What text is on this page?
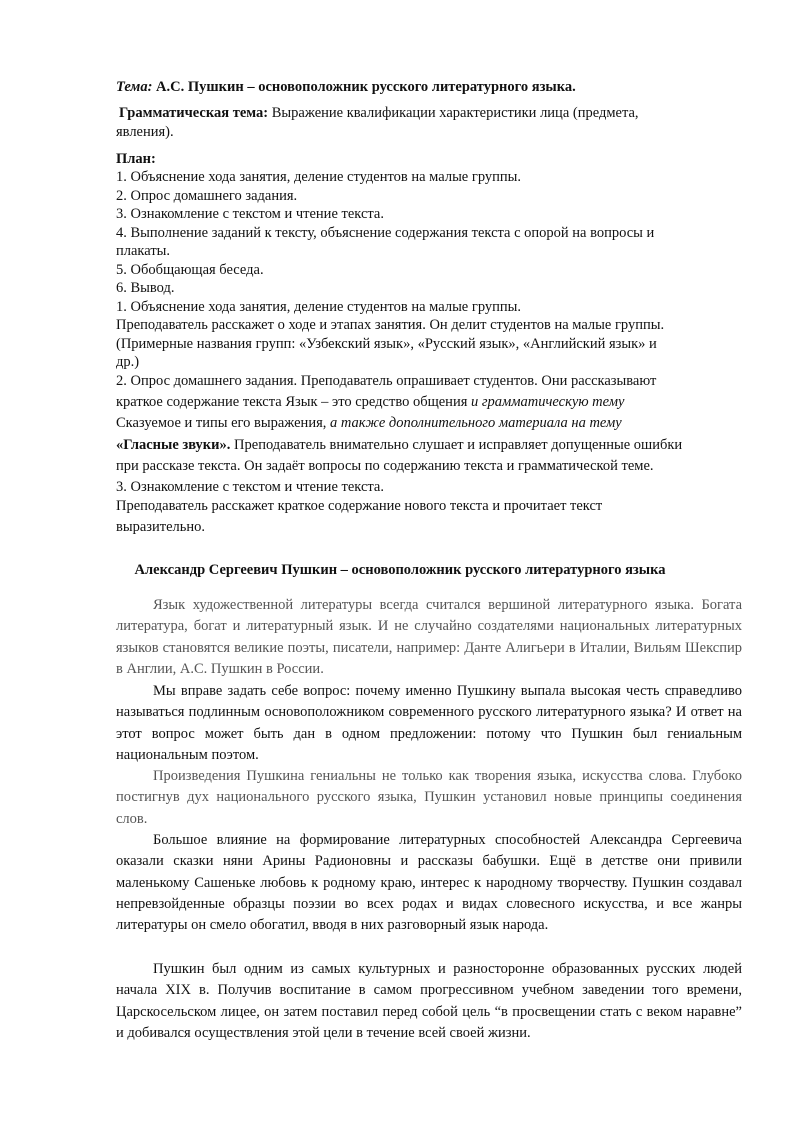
Тема: А.С. Пушкин – основоположник русского литературного языка.
Грамматическая тема: Выражение квалификации характеристики лица (предмета,
явления).
План:
1. Объяснение хода занятия, деление студентов на малые группы.
2. Опрос домашнего задания.
3. Ознакомление с текстом и чтение текста.
4. Выполнение заданий к тексту, объяснение содержания текста с опорой на вопросы и
плакаты.
5. Обобщающая беседа.
6. Вывод.
1. Объяснение хода занятия, деление студентов на малые группы.
Преподаватель расскажет о ходе и этапах занятия. Он делит студентов на малые группы.
(Примерные названия групп: «Узбекский язык», «Русский язык», «Английский язык» и
др.)
2. Опрос домашнего задания. Преподаватель опрашивает студентов. Они рассказывают
краткое содержание текста Язык – это средство общения и грамматическую тему
Сказуемое и типы его выражения, а также дополнительного материала на тему
«Гласные звуки». Преподаватель внимательно слушает и исправляет допущенные ошибки
при рассказе текста. Он задаёт вопросы по содержанию текста и грамматической теме.
3. Ознакомление с текстом и чтение текста.
Преподаватель расскажет краткое содержание нового текста и прочитает текст
выразительно.
Александр Сергеевич Пушкин – основоположник русского литературного языка

Язык художественной литературы всегда считался вершиной литературного языка. Богата литература, богат и литературный язык. И не случайно создателями национальных литературных языков становятся великие поэты, писатели, например: Данте Алигьери в Италии, Вильям Шекспир в Англии, А.С. Пушкин в России.

Мы вправе задать себе вопрос: почему именно Пушкину выпала высокая честь справедливо называться подлинным основоположником современного русского литературного языка? И ответ на этот вопрос может быть дан в одном предложении: потому что Пушкин был гениальным национальным поэтом.

Произведения Пушкина гениальны не только как творения языка, искусства слова. Глубоко постигнув дух национального русского языка, Пушкин установил новые принципы соединения слов.

Большое влияние на формирование литературных способностей Александра Сергеевича оказали сказки няни Арины Радионовны и рассказы бабушки. Ещё в детстве они привили маленькому Сашеньке любовь к родному краю, интерес к народному творчеству. Пушкин создавал непревзойденные образцы поэзии во всех родах и видах словесного искусства, и все жанры литературы он смело обогатил, вводя в них разговорный язык народа.

Пушкин был одним из самых культурных и разносторонне образованных русских людей начала XIX в. Получив воспитание в самом прогрессивном учебном заведении того времени, Царскосельском лицее, он затем поставил перед собой цель “в просвещении стать с веком наравне” и добивался осуществления этой цели в течение всей своей жизни.
